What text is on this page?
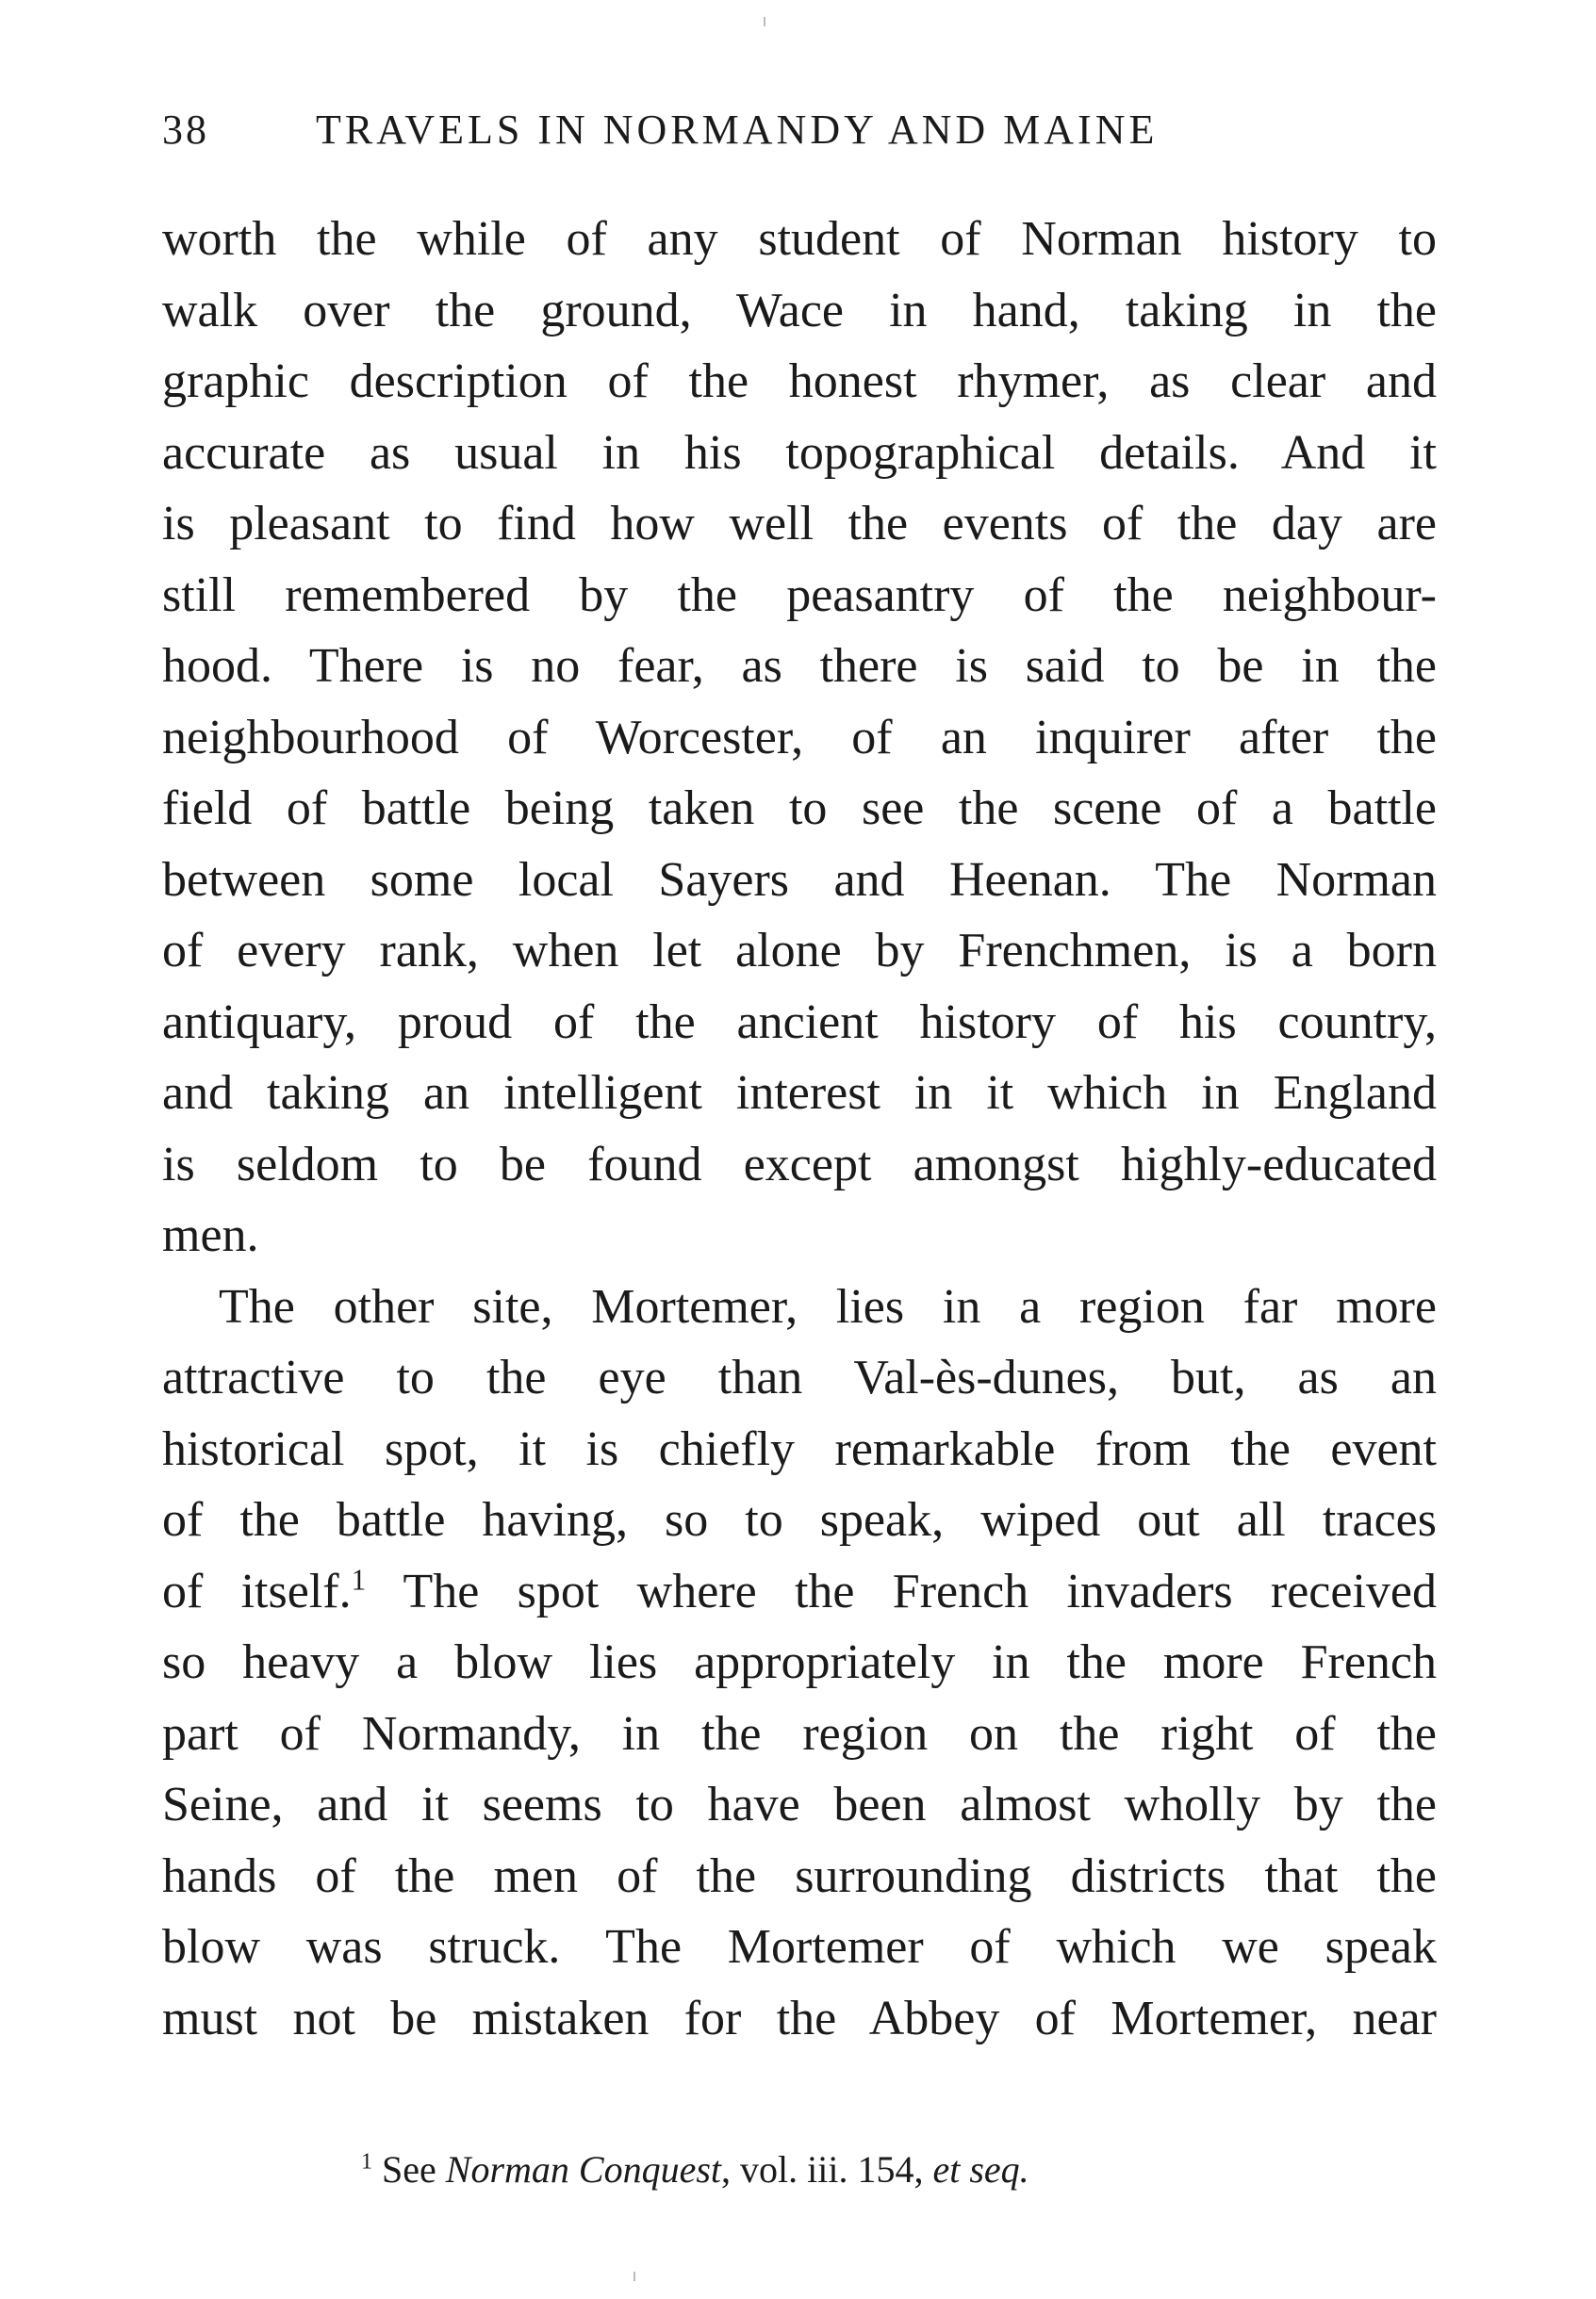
38	TRAVELS IN NORMANDY AND MAINE

worth the while of any student of Norman history to
walk over the ground, Wace in hand, taking in the
graphic description of the honest rhymer, as clear and
accurate as usual in his topographical details. And it
is pleasant to find how well the events of the day are
still remembered by the peasantry of the neighbour-
hood. There is no fear, as there is said to be in the
neighbourhood of Worcester, of an inquirer after the
field of battle being taken to see the scene of a battle
between some local Sayers and Heenan. The Norman
of every rank, when let alone by Frenchmen, is a born
antiquary, proud of the ancient history of his country,
and taking an intelligent interest in it which in England
is seldom to be found except amongst highly-educated
men.

The other site, Mortemer, lies in a region far more
attractive to the eye than Val-ès-dunes, but, as an
historical spot, it is chiefly remarkable from the event
of the battle having, so to speak, wiped out all traces
of itself.$^1$ The spot where the French invaders received
so heavy a blow lies appropriately in the more French
part of Normandy, in the region on the right of the
Seine, and it seems to have been almost wholly by the
hands of the men of the surrounding districts that the
blow was struck. The Mortemer of which we speak
must not be mistaken for the Abbey of Mortemer, near

$^1$ See Norman Conquest, vol. iii. 154, et seq.
